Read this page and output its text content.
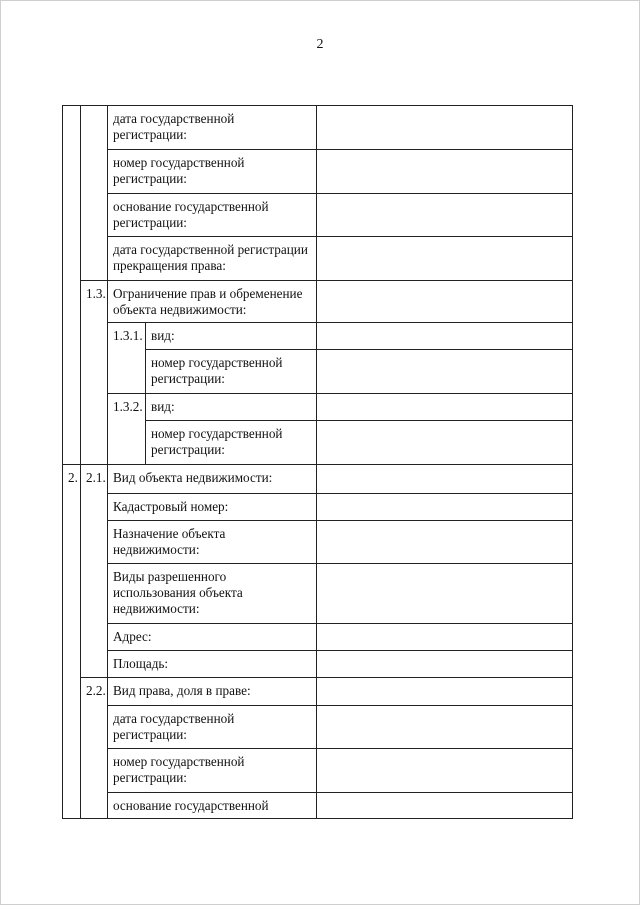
2
		дата государственной регистрации:		
		номер государственной регистрации:		
		основание государственной регистрации:		
		дата государственной регистрации прекращения права:		
	1.3.	Ограничение прав и обременение объекта недвижимости:		
		1.3.1.	вид:	
			номер государственной регистрации:	
		1.3.2.	вид:	
			номер государственной регистрации:	
2.	2.1.	Вид объекта недвижимости:		
		Кадастровый номер:		
		Назначение объекта недвижимости:		
		Виды разрешенного использования объекта недвижимости:		
		Адрес:		
		Площадь:		
	2.2.	Вид права, доля в праве:		
		дата государственной регистрации:		
		номер государственной регистрации:		
		основание государственной		
